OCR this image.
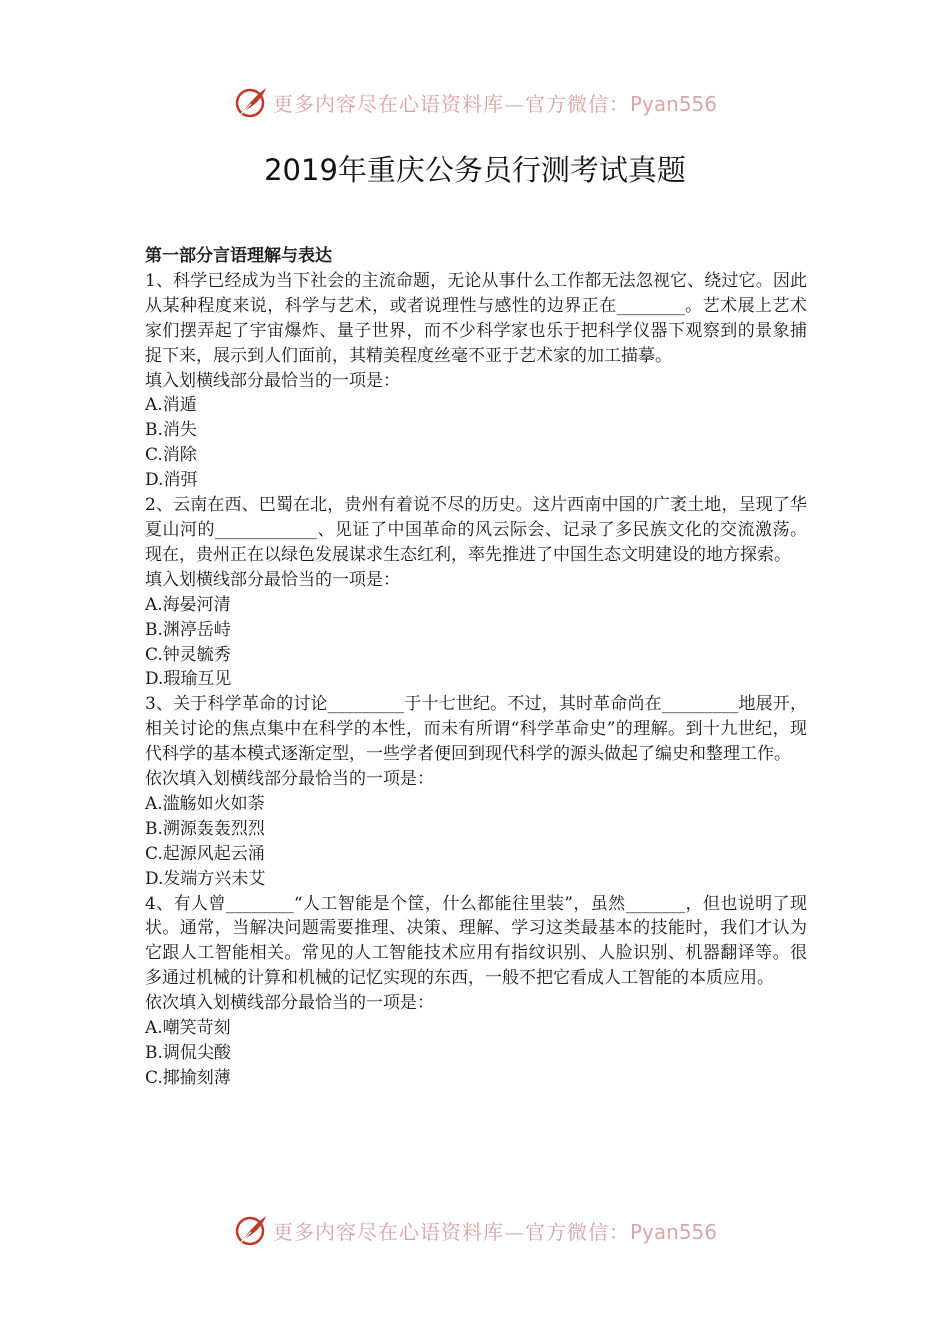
更多内容尽在心语资料库—官方微信：Pyan556
2019年重庆公务员行测考试真题

第一部分言语理解与表达

1、科学已经成为当下社会的主流命题，无论从事什么工作都无法忽视它、绕过它。因此从某种程度来说，科学与艺术，或者说理性与感性的边界正在________。艺术展上艺术家们摆弄起了宇宙爆炸、量子世界，而不少科学家也乐于把科学仪器下观察到的景象捕捉下来，展示到人们面前，其精美程度丝毫不亚于艺术家的加工描摹。

填入划横线部分最恰当的一项是：

A.消遁

B.消失

C.消除

D.消弭

2、云南在西、巴蜀在北，贵州有着说不尽的历史。这片西南中国的广袤土地，呈现了华夏山河的____________、见证了中国革命的风云际会、记录了多民族文化的交流激荡。现在，贵州正在以绿色发展谋求生态红利，率先推进了中国生态文明建设的地方探索。

填入划横线部分最恰当的一项是：

A.海晏河清

B.渊渟岳峙

C.钟灵毓秀

D.瑕瑜互见

3、关于科学革命的讨论_________于十七世纪。不过，其时革命尚在_________地展开，相关讨论的焦点集中在科学的本性，而未有所谓“科学革命史”的理解。到十九世纪，现代科学的基本模式逐渐定型，一些学者便回到现代科学的源头做起了编史和整理工作。

依次填入划横线部分最恰当的一项是：

A.滥觞如火如荼

B.溯源轰轰烈烈

C.起源风起云涌

D.发端方兴未艾

4、有人曾________“人工智能是个筐，什么都能往里装”，虽然_______，但也说明了现状。通常，当解决问题需要推理、决策、理解、学习这类最基本的技能时，我们才认为它跟人工智能相关。常见的人工智能技术应用有指纹识别、人脸识别、机器翻译等。很多通过机械的计算和机械的记忆实现的东西，一般不把它看成人工智能的本质应用。

依次填入划横线部分最恰当的一项是：

A.嘲笑苛刻

B.调侃尖酸

C.揶揄刻薄

更多内容尽在心语资料库—官方微信：Pyan556
